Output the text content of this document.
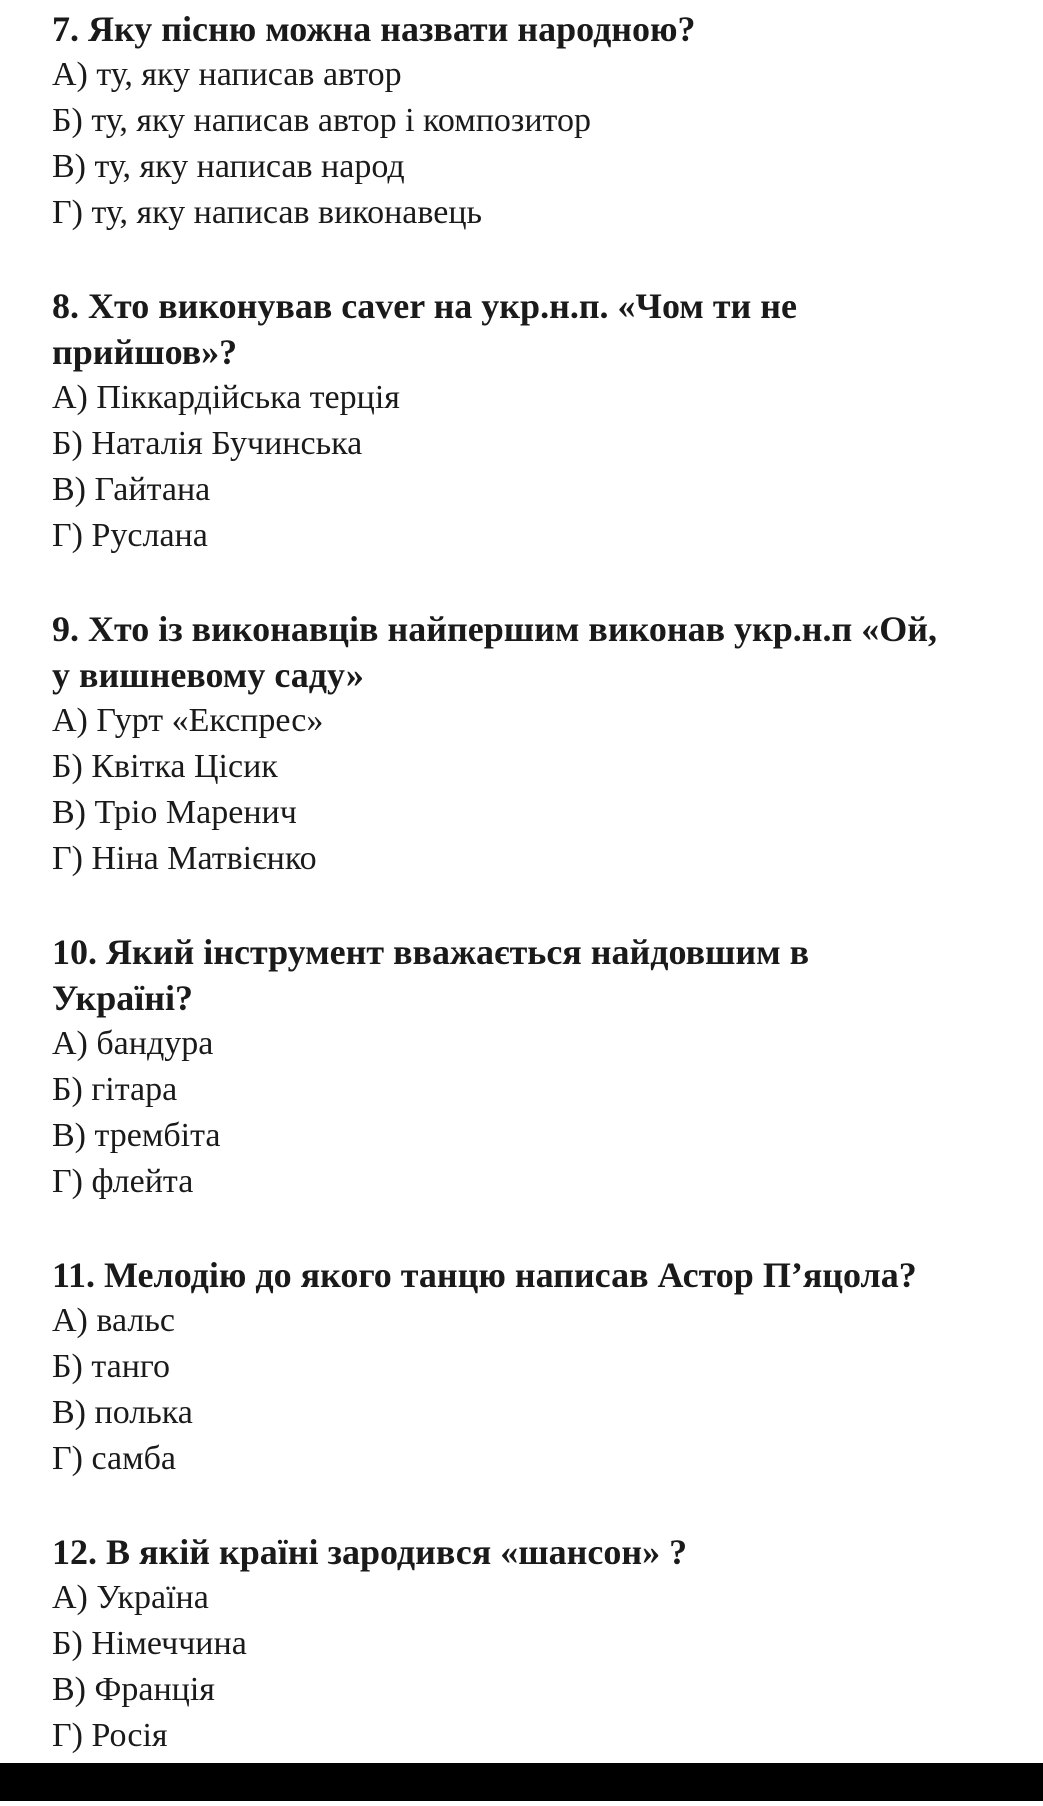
7. Яку пісню можна назвати народною?

А) ту, яку написав автор

Б) ту, яку написав автор і композитор

В) ту, яку написав народ

Г) ту, яку написав виконавець

8. Хто виконував caver на укр.н.п. «Чом ти не

прийшов»?

А) Піккардійська терція

Б) Наталія Бучинська

В) Гайтана

Г) Руслана

9. Хто із виконавців найпершим виконав укр.н.п «Ой,

у вишневому саду»

А) Гурт «Експрес»

Б) Квітка Цісик

В) Тріо Маренич

Г) Ніна Матвієнко

10. Який інструмент вважається найдовшим в

Україні?

А) бандура

Б) гітара

В) трембіта

Г) флейта

11. Мелодію до якого танцю написав Астор П’яцола?

А) вальс

Б) танго

В) полька

Г) самба

12. В якій країні зародився «шансон» ?

А) Україна

Б) Німеччина

В) Франція

Г) Росія
